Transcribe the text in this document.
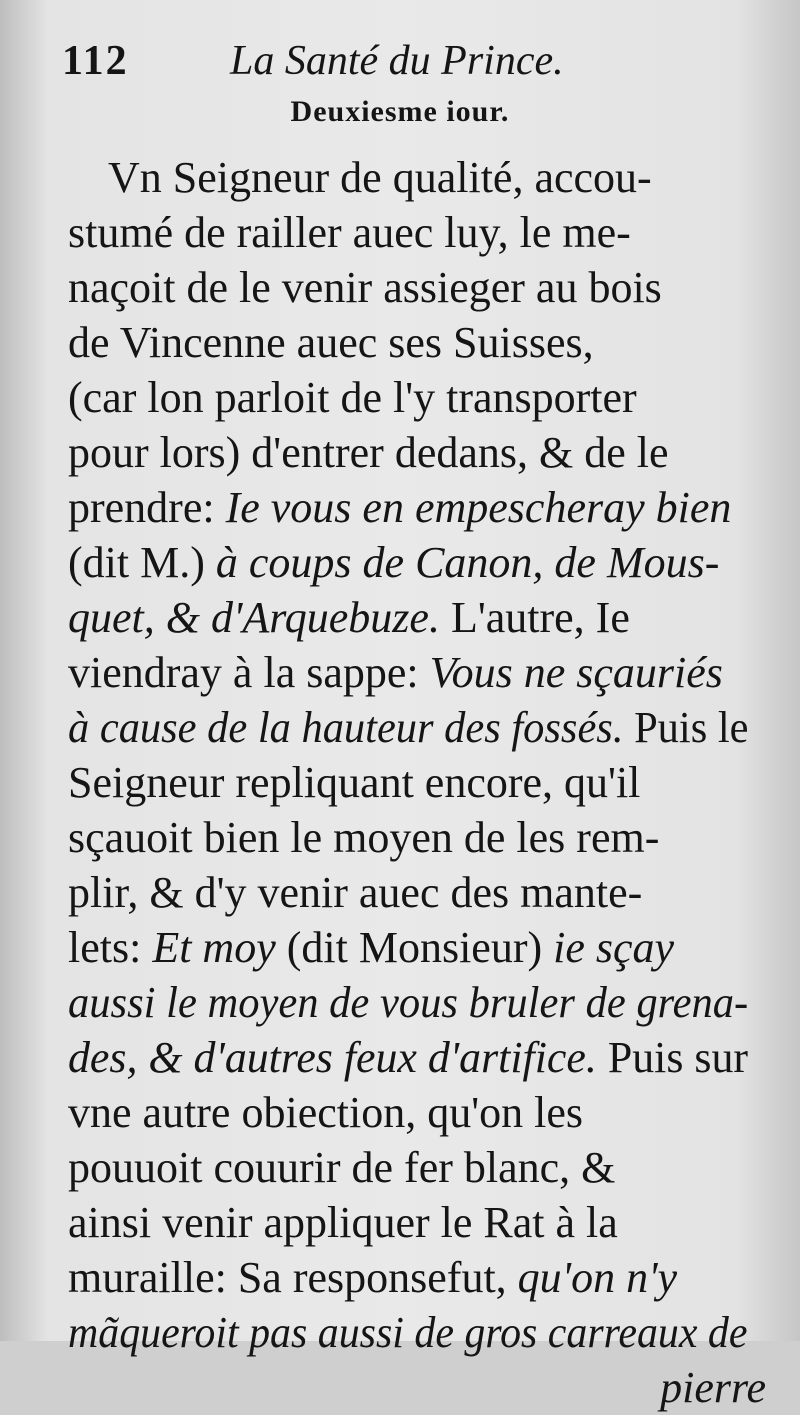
112 La Santé du Prince.
Deuxiesme iour.
Vn Seigneur de qualité, accou-
stumé de railler auec luy, le me-
naçoit de le venir assieger au bois
de Vincenne auec ses Suisses,
(car lon parloit de l'y transporter
pour lors) d'entrer dedans, & de le
prendre: Ie vous en empescheray bien
(dit M.) à coups de Canon, de Mous-
quet, & d'Arquebuze. L'autre, Ie
viendray à la sappe: Vous ne sçauriés
à cause de la hauteur des fossés. Puis le
Seigneur repliquant encore, qu'il
sçauoit bien le moyen de les rem-
plir, & d'y venir auec des mante-
lets: Et moy (dit Monsieur) ie sçay
aussi le moyen de vous bruler de grena-
des, & d'autres feux d'artifice. Puis sur
vne autre obiection, qu'on les
pouuoit couurir de fer blanc, &
ainsi venir appliquer le Rat à la
muraille: Sa responsefut, qu'on n'y
mãqueroit pas aussi de gros carreaux de
pierre
